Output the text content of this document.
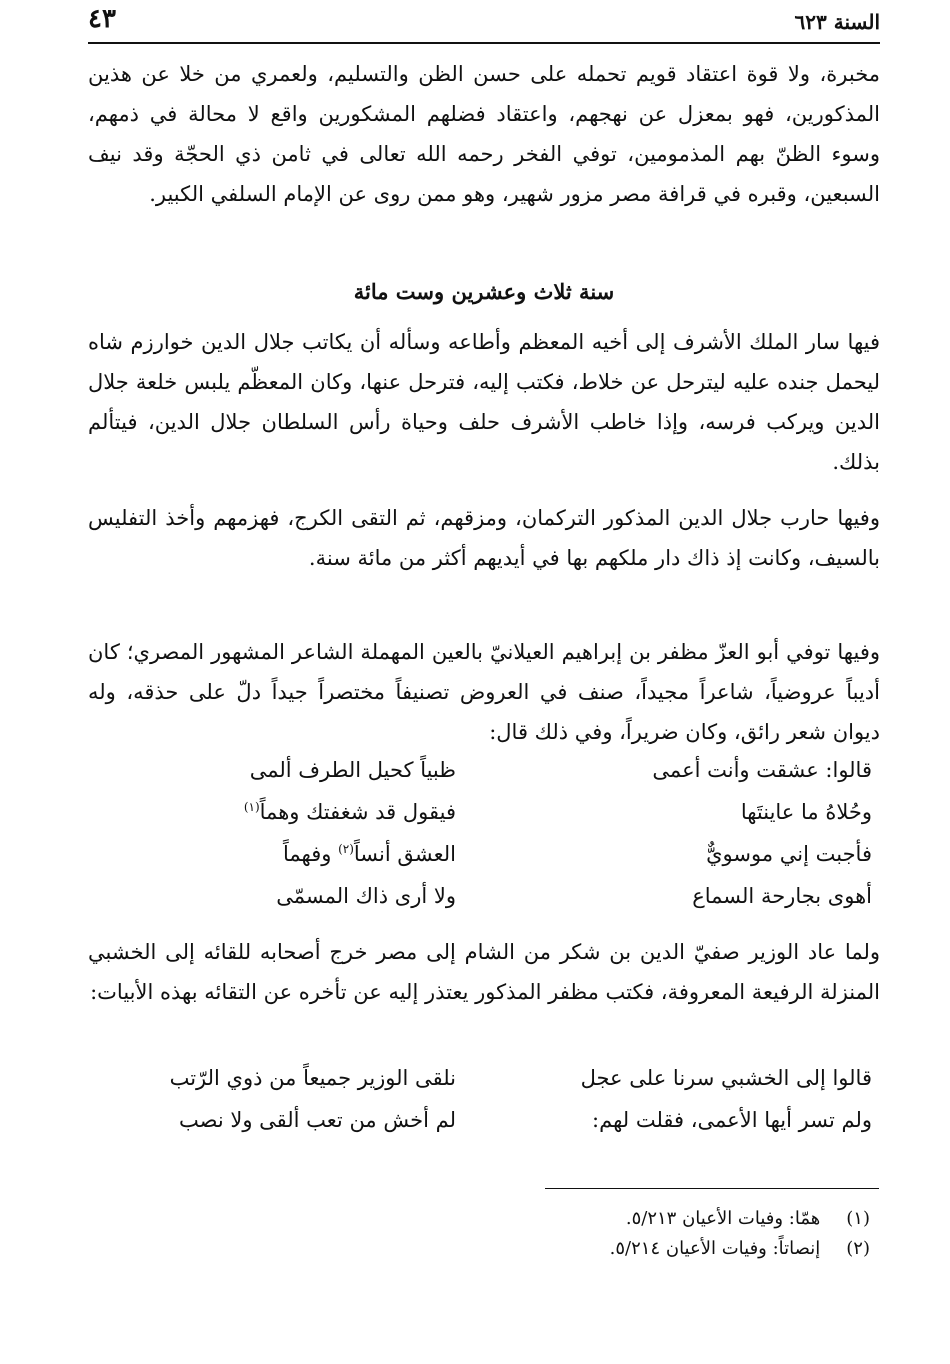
٤٣	السنة ٦٢٣

مخبرة، ولا قوة اعتقاد قويم تحمله على حسن الظن والتسليم، ولعمري من خلا عن هذين المذكورين، فهو بمعزل عن نهجهم، واعتقاد فضلهم المشكورين واقع لا محالة في ذمهم، وسوء الظنّ بهم المذمومين، توفي الفخر رحمه الله تعالى في ثامن ذي الحجّة وقد نيف السبعين، وقبره في قرافة مصر مزور شهير، وهو ممن روى عن الإمام السلفي الكبير.

سنة ثلاث وعشرين وست مائة

فيها سار الملك الأشرف إلى أخيه المعظم وأطاعه وسأله أن يكاتب جلال الدين خوارزم شاه ليحمل جنده عليه ليترحل عن خلاط، فكتب إليه، فترحل عنها، وكان المعظّم يلبس خلعة جلال الدين ويركب فرسه، وإذا خاطب الأشرف حلف وحياة رأس السلطان جلال الدين، فيتألم بذلك.

وفيها حارب جلال الدين المذكور التركمان، ومزقهم، ثم التقى الكرج، فهزمهم وأخذ التفليس بالسيف، وكانت إذ ذاك دار ملكهم بها في أيديهم أكثر من مائة سنة.

وفيها توفي أبو العزّ مظفر بن إبراهيم العيلانيّ بالعين المهملة الشاعر المشهور المصري؛ كان أديباً عروضياً، شاعراً مجيداً، صنف في العروض تصنيفاً مختصراً جيداً دلّ على حذقه، وله ديوان شعر رائق، وكان ضريراً، وفي ذلك قال:

قالوا: عشقت وأنت أعمى
ظبياً كحيل الطرف ألمى
وحُلاهُ ما عاينتَها
فيقول قد شغفتك وهماً$^{(١)}$
فأجبت إني موسويٌّ
العشق أنساً$^{(٢)}$ وفهماً
أهوى بجارحة السماع
ولا أرى ذاك المسمّى

ولما عاد الوزير صفيّ الدين بن شكر من الشام إلى مصر خرج أصحابه للقائه إلى الخشبي المنزلة الرفيعة المعروفة، فكتب مظفر المذكور يعتذر إليه عن تأخره عن التقائه بهذه الأبيات:

قالوا إلى الخشبي سرنا على عجل
نلقى الوزير جميعاً من ذوي الرّتب
ولم تسر أيها الأعمى، فقلت لهم:
لم أخش من تعب ألقى ولا نصب
(١) همّا: وفيات الأعيان ٥/٢١٣.
(٢) إنصاتاً: وفيات الأعيان ٥/٢١٤.
